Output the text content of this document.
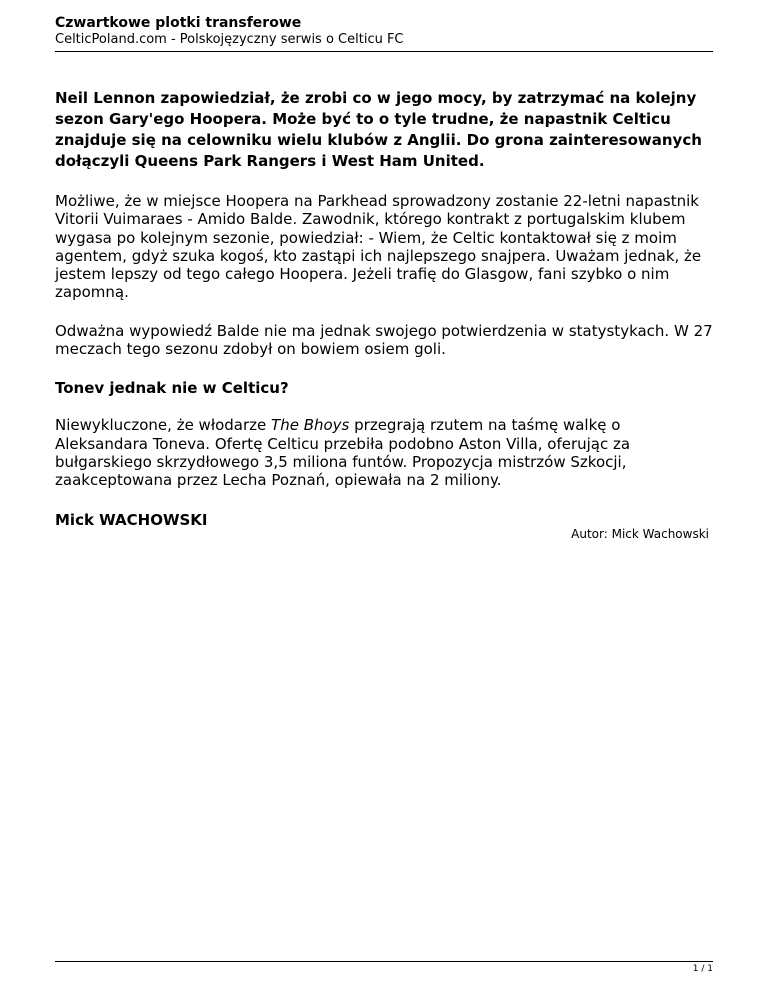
Czwartkowe plotki transferowe
CelticPoland.com - Polskojęzyczny serwis o Celticu FC

Neil Lennon zapowiedział, że zrobi co w jego mocy, by zatrzymać na kolejny sezon Gary'ego Hoopera. Może być to o tyle trudne, że napastnik Celticu znajduje się na celowniku wielu klubów z Anglii. Do grona zainteresowanych dołączyli Queens Park Rangers i West Ham United.

Możliwe, że w miejsce Hoopera na Parkhead sprowadzony zostanie 22-letni napastnik Vitorii Vuimaraes - Amido Balde. Zawodnik, którego kontrakt z portugalskim klubem wygasa po kolejnym sezonie, powiedział: - Wiem, że Celtic kontaktował się z moim agentem, gdyż szuka kogoś, kto zastąpi ich najlepszego snajpera. Uważam jednak, że jestem lepszy od tego całego Hoopera. Jeżeli trafię do Glasgow, fani szybko o nim zapomną.

Odważna wypowiedź Balde nie ma jednak swojego potwierdzenia w statystykach. W 27 meczach tego sezonu zdobył on bowiem osiem goli.

Tonev jednak nie w Celticu?

Niewykluczone, że włodarze The Bhoys przegrają rzutem na taśmę walkę o Aleksandara Toneva. Ofertę Celticu przebiła podobno Aston Villa, oferując za bułgarskiego skrzydłowego 3,5 miliona funtów. Propozycja mistrzów Szkocji, zaakceptowana przez Lecha Poznań, opiewała na 2 miliony.

Mick WACHOWSKI

Autor: Mick Wachowski
1 / 1
